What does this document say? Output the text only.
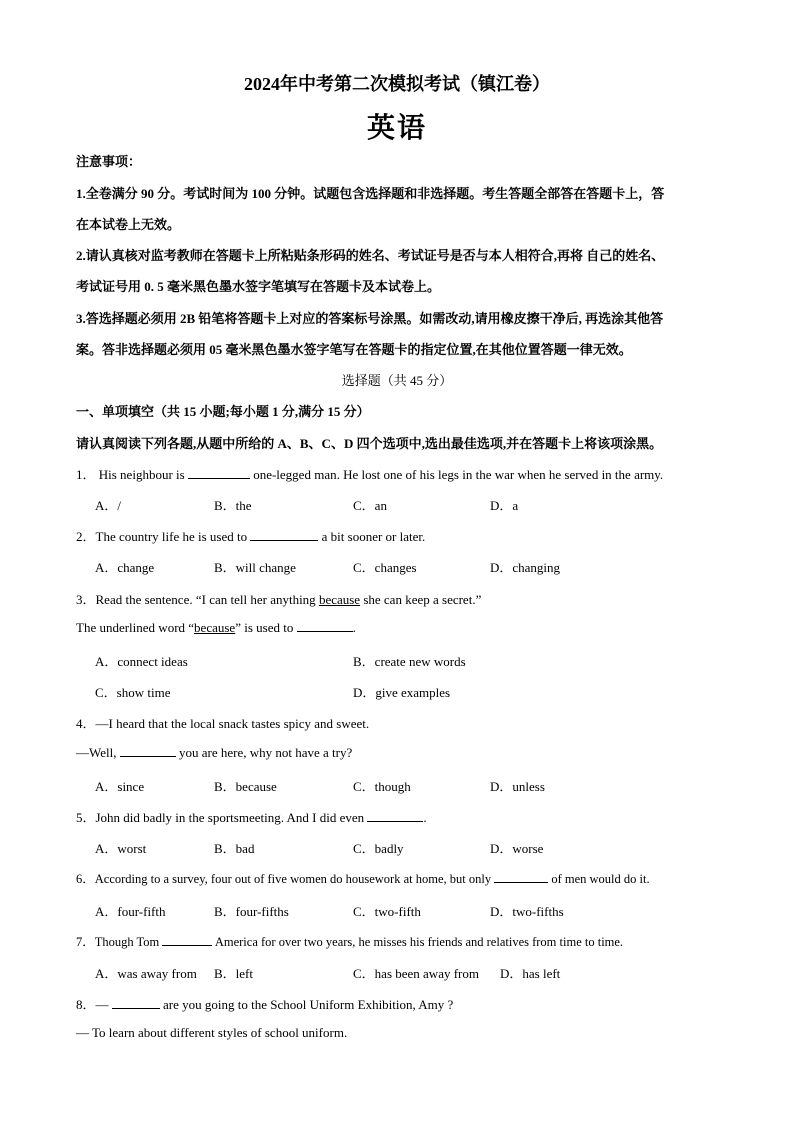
2024年中考第二次模拟考试（镇江卷）
英语
注意事项：
1.全卷满分 90 分。考试时间为 100 分钟。试题包含选择题和非选择题。考生答题全部答在答题卡上，答
在本试卷上无效。
2.请认真核对监考教师在答题卡上所粘贴条形码的姓名、考试证号是否与本人相符合,再将 自己的姓名、
考试证号用 0. 5 毫米黑色墨水签字笔填写在答题卡及本试卷上。
3.答选择题必须用 2B 铅笔将答题卡上对应的答案标号涂黑。如需改动,请用橡皮擦干净后, 再选涂其他答
案。答非选择题必须用 05 毫米黑色墨水签字笔写在答题卡的指定位置,在其他位置答题一律无效。
选择题（共 45 分）
一、单项填空（共 15 小题;每小题 1 分,满分 15 分）
请认真阅读下列各题,从题中所给的 A、B、C、D 四个选项中,选出最佳选项,并在答题卡上将该项涂黑。
1． His neighbour is	one-legged man. He lost one of his legs in the war when he served in the army.
A．/	B．the	C．an	D．a
2．The country life he is used to	a bit sooner or later.
A．change	B．will change	C．changes	D．changing
3．Read the sentence. “I can tell her anything because she can keep a secret.”
The underlined word “because” is used to	.
A．connect ideas	B．create new words
C．show time	D．give examples
4．—I heard that the local snack tastes spicy and sweet.
—Well,	you are here, why not have a try?
A．since	B．because	C．though	D．unless
5．John did badly in the sportsmeeting. And I did even	.
A．worst	B．bad	C．badly	D．worse
6．According to a survey, four out of five women do housework at home, but only	of men would do it.
A．four-fifth	B．four-fifths	C．two-fifth	D．two-fifths
7．Though Tom	America for over two years, he misses his friends and relatives from time to time.
A．was away from B．left	C．has been away from D．has left
8．—	are you going to the School Uniform Exhibition, Amy ?
— To learn about different styles of school uniform.
